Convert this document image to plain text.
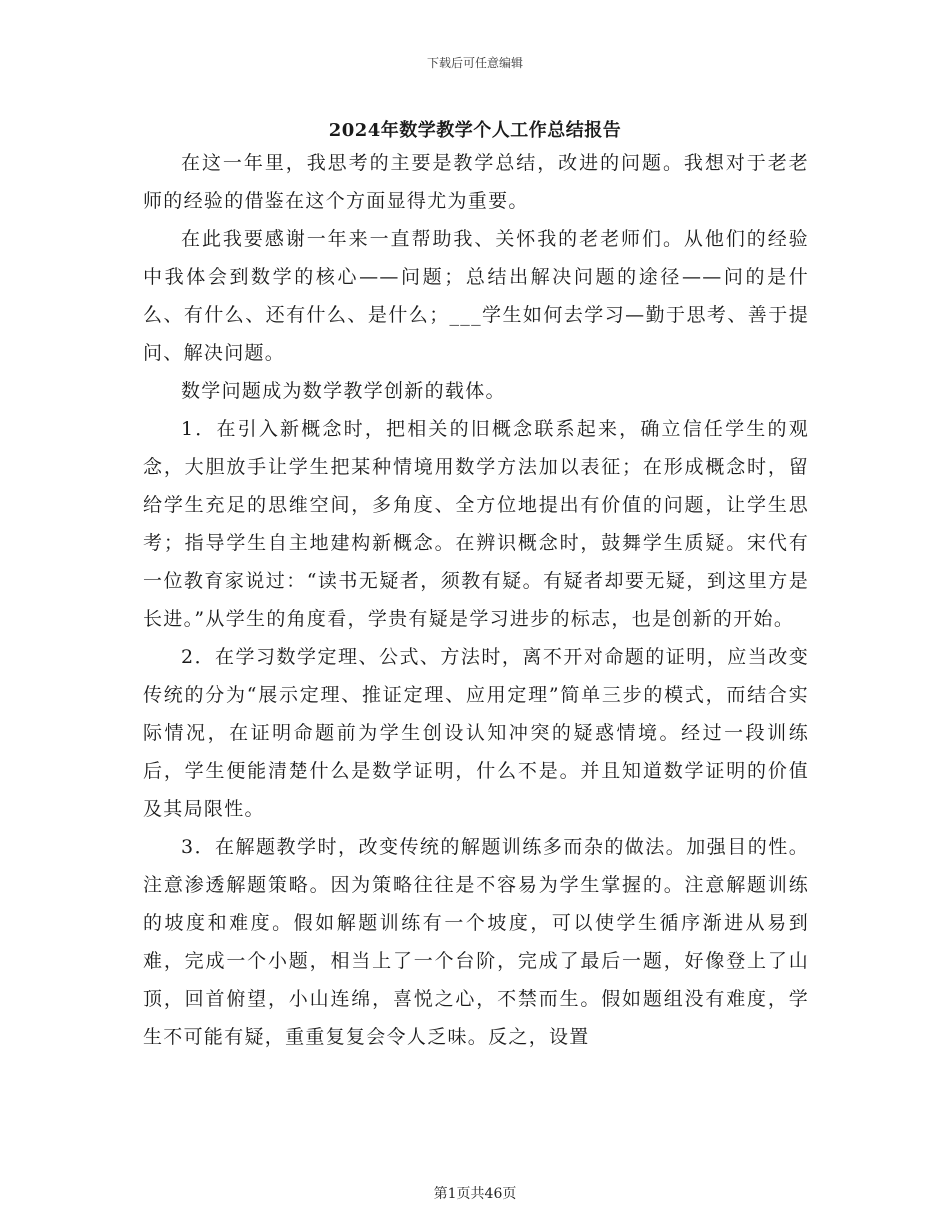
下载后可任意编辑
2024年数学教学个人工作总结报告

在这一年里，我思考的主要是教学总结，改进的问题。我想对于老老师的经验的借鉴在这个方面显得尤为重要。

在此我要感谢一年来一直帮助我、关怀我的老老师们。从他们的经验中我体会到数学的核心——问题；总结出解决问题的途径——问的是什么、有什么、还有什么、是什么；___学生如何去学习—勤于思考、善于提问、解决问题。

数学问题成为数学教学创新的载体。

1．在引入新概念时，把相关的旧概念联系起来，确立信任学生的观念，大胆放手让学生把某种情境用数学方法加以表征；在形成概念时，留给学生充足的思维空间，多角度、全方位地提出有价值的问题，让学生思考；指导学生自主地建构新概念。在辨识概念时，鼓舞学生质疑。宋代有一位教育家说过：“读书无疑者，须教有疑。有疑者却要无疑，到这里方是长进。”从学生的角度看，学贵有疑是学习进步的标志，也是创新的开始。

2．在学习数学定理、公式、方法时，离不开对命题的证明，应当改变传统的分为“展示定理、推证定理、应用定理”简单三步的模式，而结合实际情况，在证明命题前为学生创设认知冲突的疑惑情境。经过一段训练后，学生便能清楚什么是数学证明，什么不是。并且知道数学证明的价值及其局限性。

3．在解题教学时，改变传统的解题训练多而杂的做法。加强目的性。注意渗透解题策略。因为策略往往是不容易为学生掌握的。注意解题训练的坡度和难度。假如解题训练有一个坡度，可以使学生循序渐进从易到难，完成一个小题，相当上了一个台阶，完成了最后一题，好像登上了山顶，回首俯望，小山连绵，喜悦之心，不禁而生。假如题组没有难度，学生不可能有疑，重重复复会令人乏味。反之，设置

第1页共46页
